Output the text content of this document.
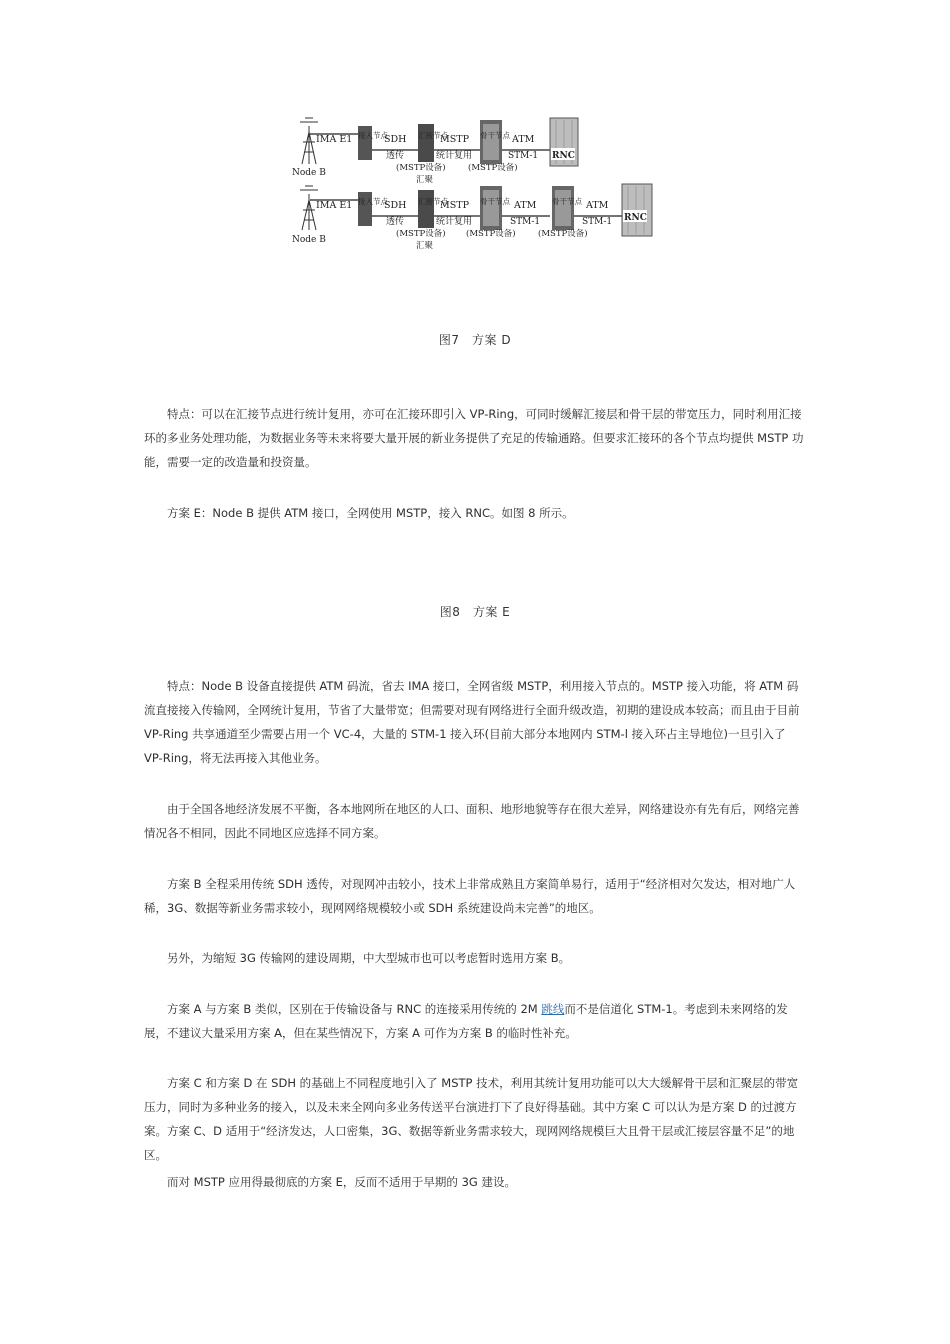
Node B
IMA E1 接入节点
SDH
透传
汇接节点
(MSTP设备)
汇聚
MSTP
统计复用
骨干节点
(MSTP设备)
ATM
STM-1 RNC
Node B
IMA E1 接入节点
SDH
透传
汇接节点
(MSTP设备)
汇聚
MSTP
统计复用
骨干节点
(MSTP设备)
ATM
STM-1
骨干节点
(MSTP设备)
ATM
STM-1 RNC
图7　方案 D

特点：可以在汇接节点进行统计复用，亦可在汇接环即引入 VP-Ring，可同时缓解汇接层和骨干层的带宽压力，同时利用汇接环的多业务处理功能，为数据业务等未来将要大量开展的新业务提供了充足的传输通路。但要求汇接环的各个节点均提供 MSTP 功能，需要一定的改造量和投资量。

方案 E：Node B 提供 ATM 接口，全网使用 MSTP，接入 RNC。如图 8 所示。

图8　方案 E

特点：Node B 设备直接提供 ATM 码流，省去 IMA 接口，全网省级 MSTP，利用接入节点的。MSTP 接入功能，将 ATM 码流直接接入传输网，全网统计复用，节省了大量带宽；但需要对现有网络进行全面升级改造，初期的建设成本较高；而且由于目前 VP-Ring 共享通道至少需要占用一个 VC-4，大量的 STM-1 接入环(目前大部分本地网内 STM-l 接入环占主导地位)一旦引入了 VP-Ring，将无法再接入其他业务。

由于全国各地经济发展不平衡，各本地网所在地区的人口、面积、地形地貌等存在很大差异，网络建设亦有先有后，网络完善情况各不相同，因此不同地区应选择不同方案。

方案 B 全程采用传统 SDH 透传，对现网冲击较小，技术上非常成熟且方案简单易行，适用于“经济相对欠发达，相对地广人稀，3G、数据等新业务需求较小，现网网络规模较小或 SDH 系统建设尚未完善”的地区。

另外，为缩短 3G 传输网的建设周期，中大型城市也可以考虑暂时选用方案 B。

方案 A 与方案 B 类似，区别在于传输设备与 RNC 的连接采用传统的 2M 跳线而不是信道化 STM-1。考虑到未来网络的发展，不建议大量采用方案 A，但在某些情况下，方案 A 可作为方案 B 的临时性补充。

方案 C 和方案 D 在 SDH 的基础上不同程度地引入了 MSTP 技术，利用其统计复用功能可以大大缓解骨干层和汇聚层的带宽压力，同时为多种业务的接入，以及未来全网向多业务传送平台演进打下了良好得基础。其中方案 C 可以认为是方案 D 的过渡方案。方案 C、D 适用于“经济发达，人口密集，3G、数据等新业务需求较大，现网网络规模巨大且骨干层或汇接层容量不足”的地区。

而对 MSTP 应用得最彻底的方案 E，反而不适用于早期的 3G 建设。
